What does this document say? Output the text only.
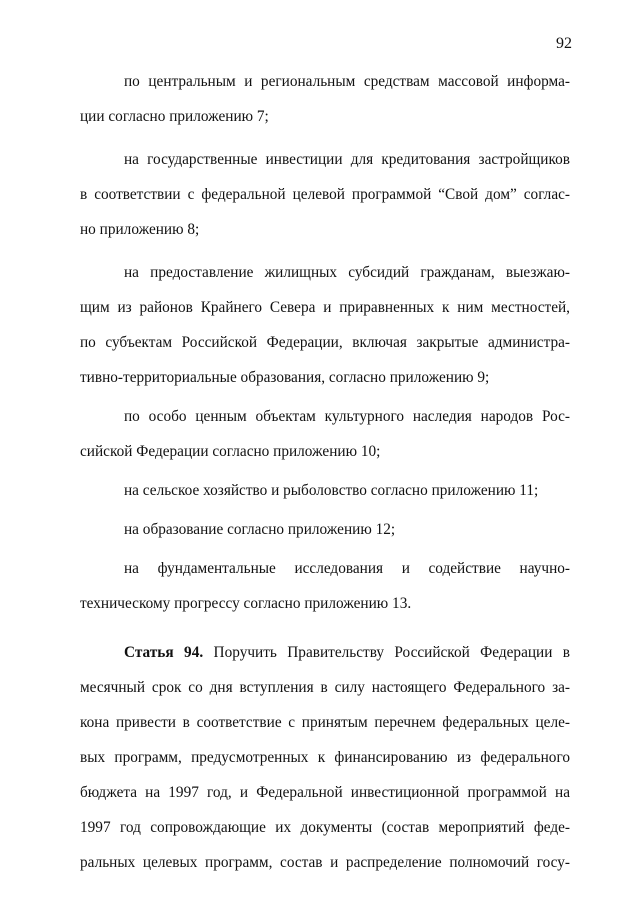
92
по центральным и региональным средствам массовой информа-
ции согласно приложению 7;
на государственные инвестиции для кредитования застройщиков
в соответствии с федеральной целевой программой “Свой дом” соглас-
но приложению 8;
на предоставление жилищных субсидий гражданам, выезжаю-
щим из районов Крайнего Севера и приравненных к ним местностей,
по субъектам Российской Федерации, включая закрытые администра-
тивно-территориальные образования, согласно приложению 9;
по особо ценным объектам культурного наследия народов Рос-
сийской Федерации согласно приложению 10;
на сельское хозяйство и рыболовство согласно приложению 11;
на образование согласно приложению 12;
на фундаментальные исследования и содействие научно-
техническому прогрессу согласно приложению 13.
Статья 94. Поручить Правительству Российской Федерации в
месячный срок со дня вступления в силу настоящего Федерального за-
кона привести в соответствие с принятым перечнем федеральных целе-
вых программ, предусмотренных к финансированию из федерального
бюджета на 1997 год, и Федеральной инвестиционной программой на
1997 год сопровождающие их документы (состав мероприятий феде-
ральных целевых программ, состав и распределение полномочий госу-
